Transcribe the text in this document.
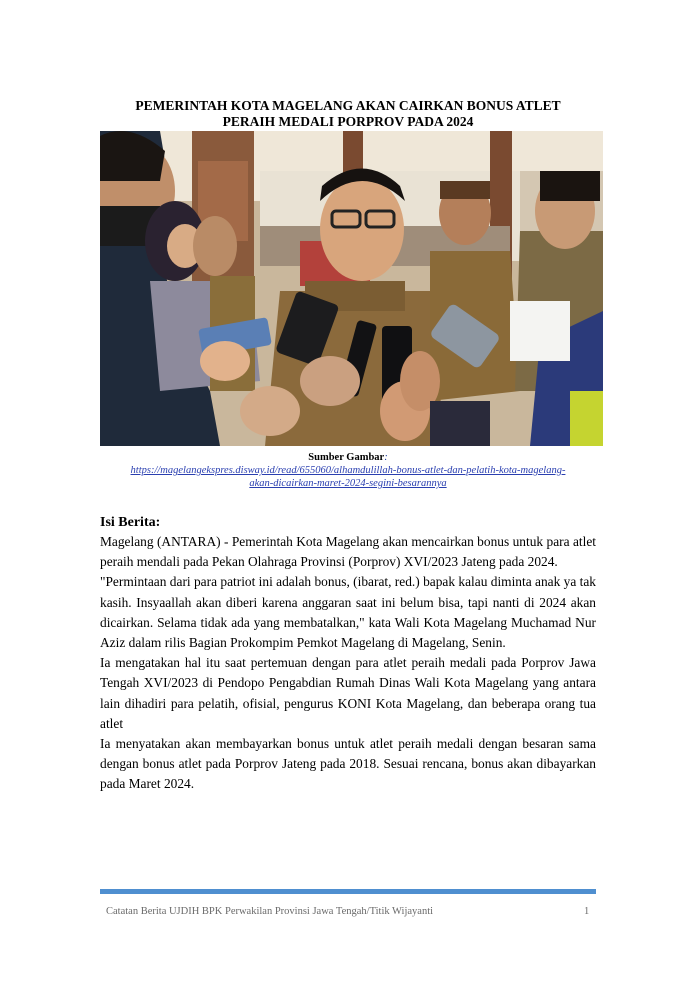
PEMERINTAH KOTA MAGELANG AKAN CAIRKAN BONUS ATLET
PERAIH MEDALI PORPROV PADA 2024
Sumber Gambar:
https://magelangekspres.disway.id/read/655060/alhamdulillah-bonus-atlet-dan-pelatih-kota-magelang-
akan-dicairkan-maret-2024-segini-besarannya
Isi Berita:

Magelang (ANTARA) - Pemerintah Kota Magelang akan mencairkan bonus untuk para atlet peraih mendali pada Pekan Olahraga Provinsi (Porprov) XVI/2023 Jateng pada 2024.

"Permintaan dari para patriot ini adalah bonus, (ibarat, red.) bapak kalau diminta anak ya tak kasih. Insyaallah akan diberi karena anggaran saat ini belum bisa, tapi nanti di 2024 akan dicairkan. Selama tidak ada yang membatalkan," kata Wali Kota Magelang Muchamad Nur Aziz dalam rilis Bagian Prokompim Pemkot Magelang di Magelang, Senin.

Ia mengatakan hal itu saat pertemuan dengan para atlet peraih medali pada Porprov Jawa Tengah XVI/2023 di Pendopo Pengabdian Rumah Dinas Wali Kota Magelang yang antara lain dihadiri para pelatih, ofisial, pengurus KONI Kota Magelang, dan beberapa orang tua atlet

Ia menyatakan akan membayarkan bonus untuk atlet peraih medali dengan besaran sama dengan bonus atlet pada Porprov Jateng pada 2018. Sesuai rencana, bonus akan dibayarkan pada Maret 2024.

Catatan Berita UJDIH BPK Perwakilan Provinsi Jawa Tengah/Titik Wijayanti	1
